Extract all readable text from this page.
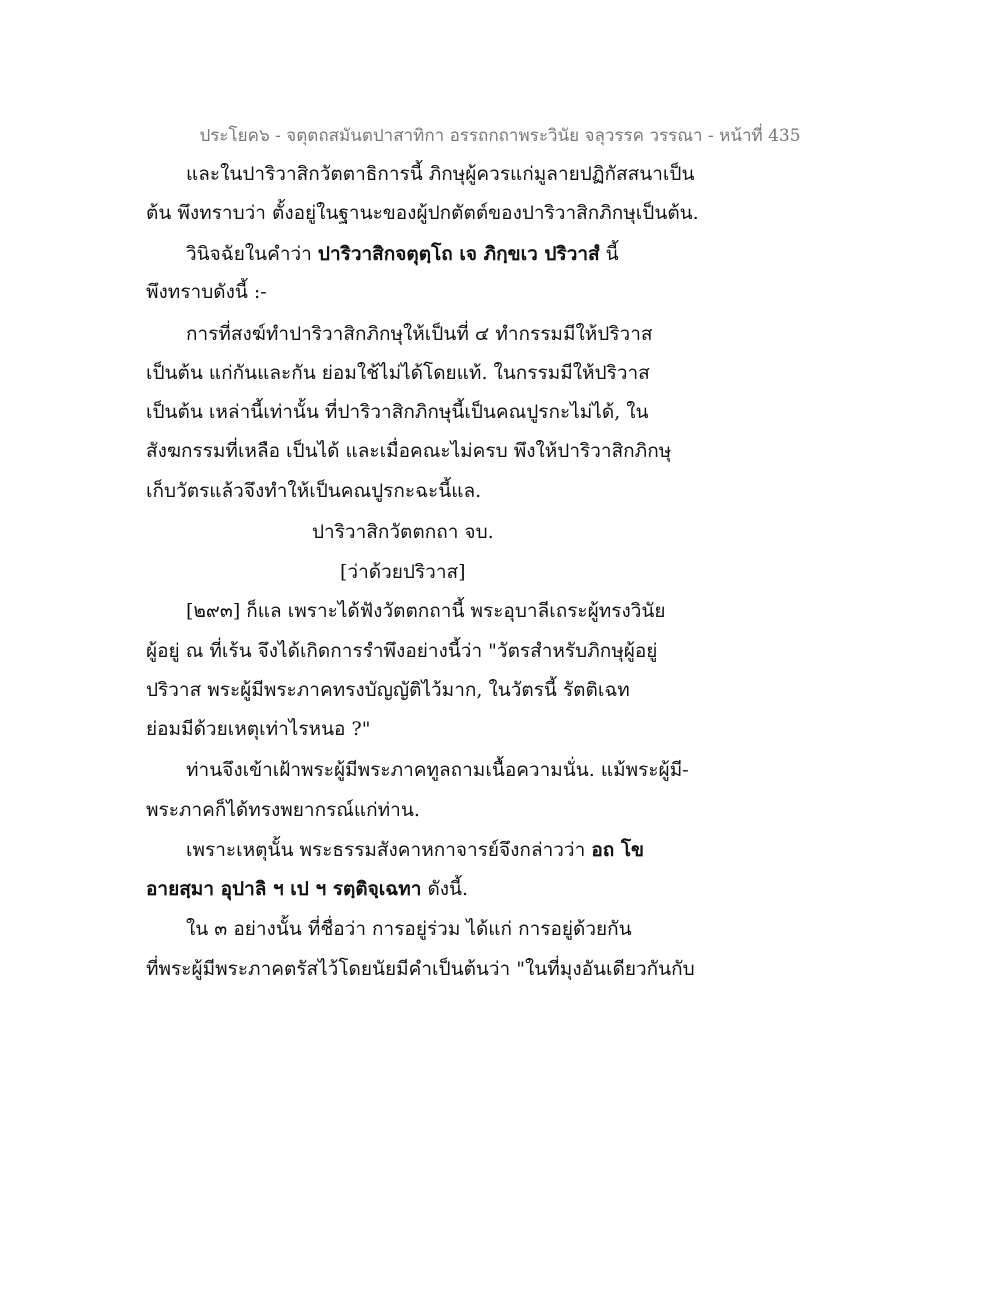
ประโยค๖ - จตุตถสมันตปาสาทิกา อรรถกถาพระวินัย จลุวรรค วรรณา - หน้าที่ 435
และในปาริวาสิกวัตตาธิการนี้ ภิกษุผู้ควรแก่มูลายปฏิกัสสนาเป็น
ต้น พึงทราบว่า ตั้งอยู่ในฐานะของผู้ปกตัตต์ของปาริวาสิกภิกษุเป็นต้น.
วินิจฉัยในคำว่า ปาริวาสิกจตุตฺโถ เจ ภิกฺขเว ปริวาสํ นี้
พึงทราบดังนี้ :-
การที่สงฆ์ทำปาริวาสิกภิกษุให้เป็นที่ ๔ ทำกรรมมีให้ปริวาส
เป็นต้น แก่กันและกัน ย่อมใช้ไม่ได้โดยแท้. ในกรรมมีให้ปริวาส
เป็นต้น เหล่านี้เท่านั้น ที่ปาริวาสิกภิกษุนี้เป็นคณปูรกะไม่ได้, ใน
สังฆกรรมที่เหลือ เป็นได้ และเมื่อคณะไม่ครบ พึงให้ปาริวาสิกภิกษุ
เก็บวัตรแล้วจึงทำให้เป็นคณปูรกะฉะนี้แล.
ปาริวาสิกวัตตกถา จบ.
[ว่าด้วยปริวาส]
[๒๙๓] ก็แล เพราะได้ฟังวัตตกถานี้ พระอุบาลีเถระผู้ทรงวินัย
ผู้อยู่ ณ ที่เร้น จึงได้เกิดการรำพึงอย่างนี้ว่า "วัตรสำหรับภิกษุผู้อยู่
ปริวาส พระผู้มีพระภาคทรงบัญญัติไว้มาก, ในวัตรนี้ รัตติเฉท
ย่อมมีด้วยเหตุเท่าไรหนอ ?"
ท่านจึงเข้าเฝ้าพระผู้มีพระภาคทูลถามเนื้อความนั่น. แม้พระผู้มี-
พระภาคก็ได้ทรงพยากรณ์แก่ท่าน.
เพราะเหตุนั้น พระธรรมสังคาหกาจารย์จึงกล่าวว่า อถ โข
อายสฺมา อุปาลิ ฯ เป ฯ รตฺติจฺเฉทา ดังนี้.
ใน ๓ อย่างนั้น ที่ชื่อว่า การอยู่ร่วม ได้แก่ การอยู่ด้วยกัน
ที่พระผู้มีพระภาคตรัสไว้โดยนัยมีคำเป็นต้นว่า "ในที่มุงอันเดียวกันกับ
